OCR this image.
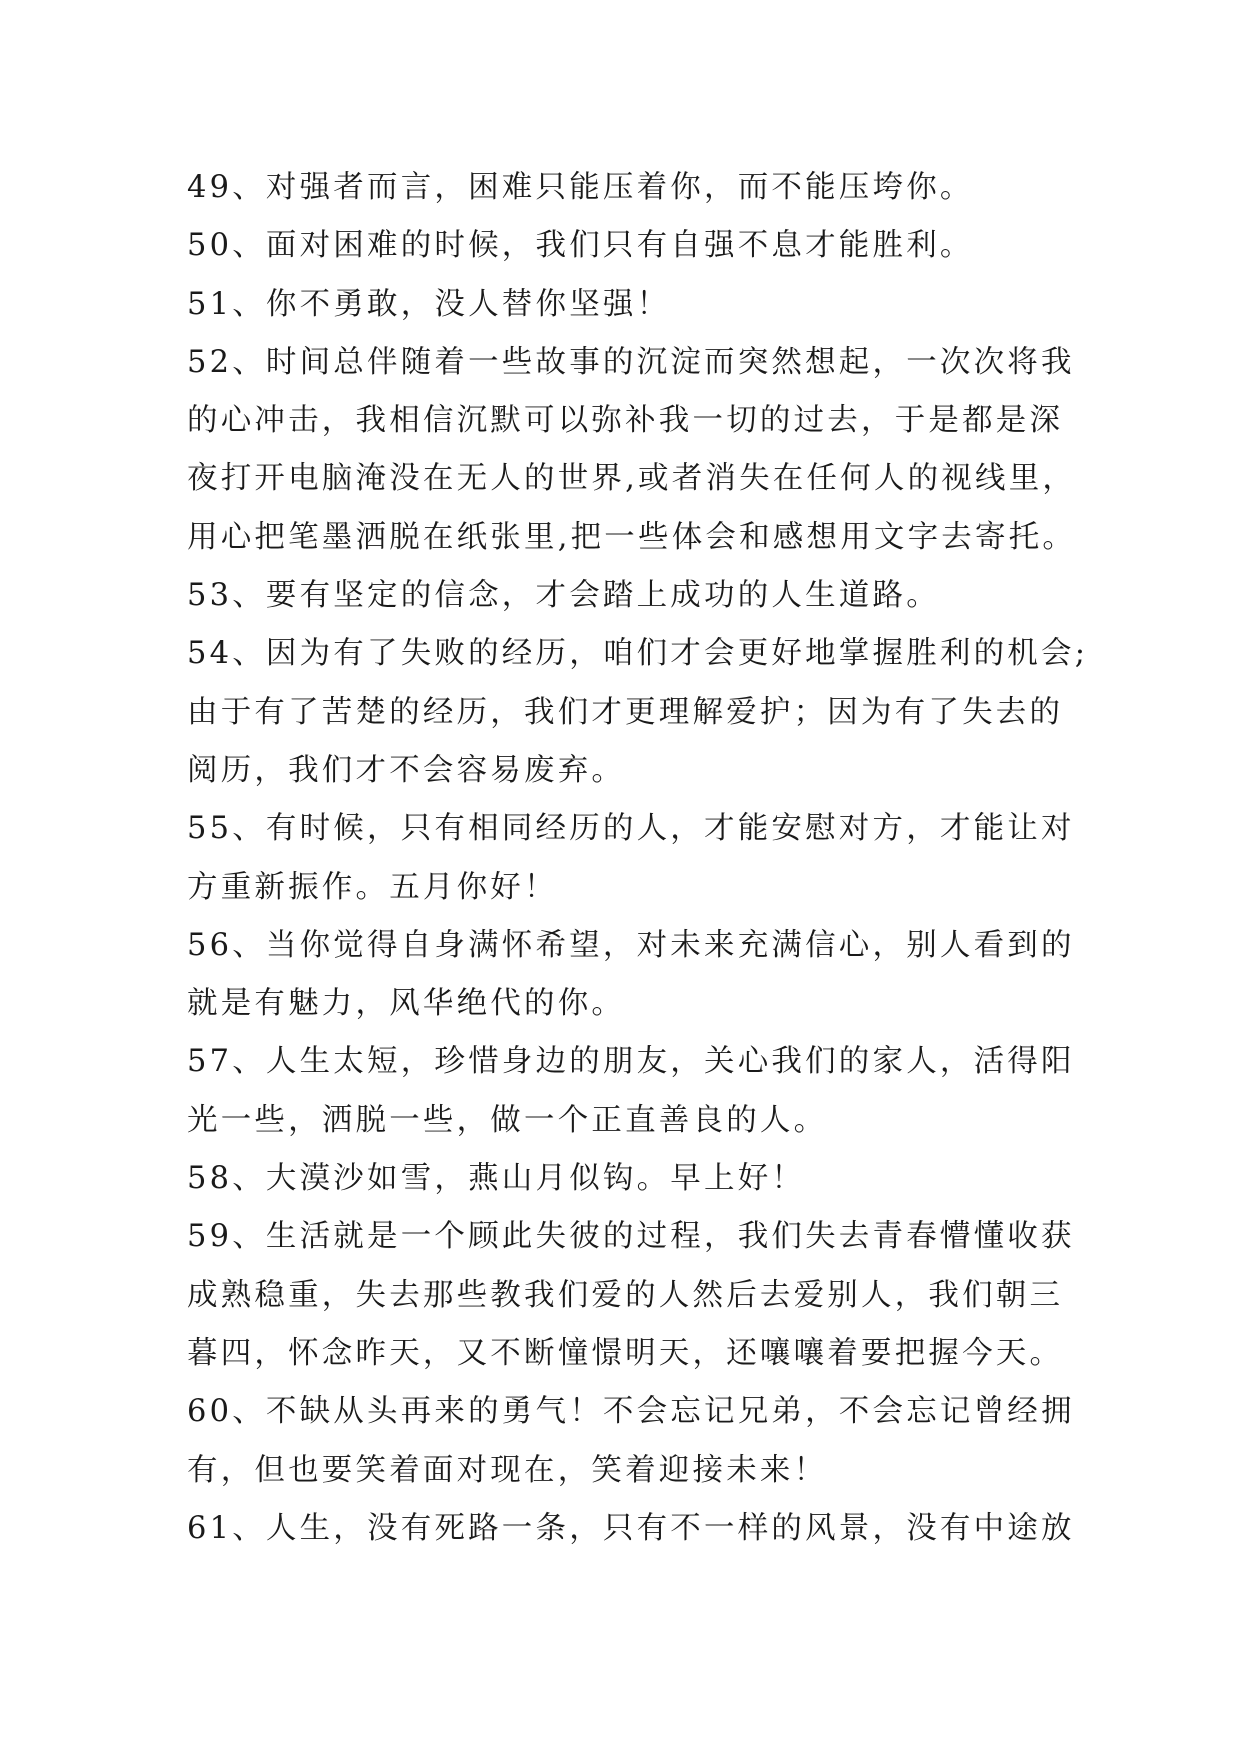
49、对强者而言，困难只能压着你，而不能压垮你。

50、面对困难的时候，我们只有自强不息才能胜利。

51、你不勇敢，没人替你坚强！

52、时间总伴随着一些故事的沉淀而突然想起，一次次将我

的心冲击，我相信沉默可以弥补我一切的过去，于是都是深

夜打开电脑淹没在无人的世界,或者消失在任何人的视线里，

用心把笔墨洒脱在纸张里,把一些体会和感想用文字去寄托。

53、要有坚定的信念，才会踏上成功的人生道路。

54、因为有了失败的经历，咱们才会更好地掌握胜利的机会;

由于有了苦楚的经历，我们才更理解爱护；因为有了失去的

阅历，我们才不会容易废弃。

55、有时候，只有相同经历的人，才能安慰对方，才能让对

方重新振作。五月你好！

56、当你觉得自身满怀希望，对未来充满信心，别人看到的

就是有魅力，风华绝代的你。

57、人生太短，珍惜身边的朋友，关心我们的家人，活得阳

光一些，洒脱一些，做一个正直善良的人。

58、大漠沙如雪，燕山月似钩。早上好！

59、生活就是一个顾此失彼的过程，我们失去青春懵懂收获

成熟稳重，失去那些教我们爱的人然后去爱别人，我们朝三

暮四，怀念昨天，又不断憧憬明天，还嚷嚷着要把握今天。

60、不缺从头再来的勇气！不会忘记兄弟，不会忘记曾经拥

有，但也要笑着面对现在，笑着迎接未来！

61、人生，没有死路一条，只有不一样的风景，没有中途放
